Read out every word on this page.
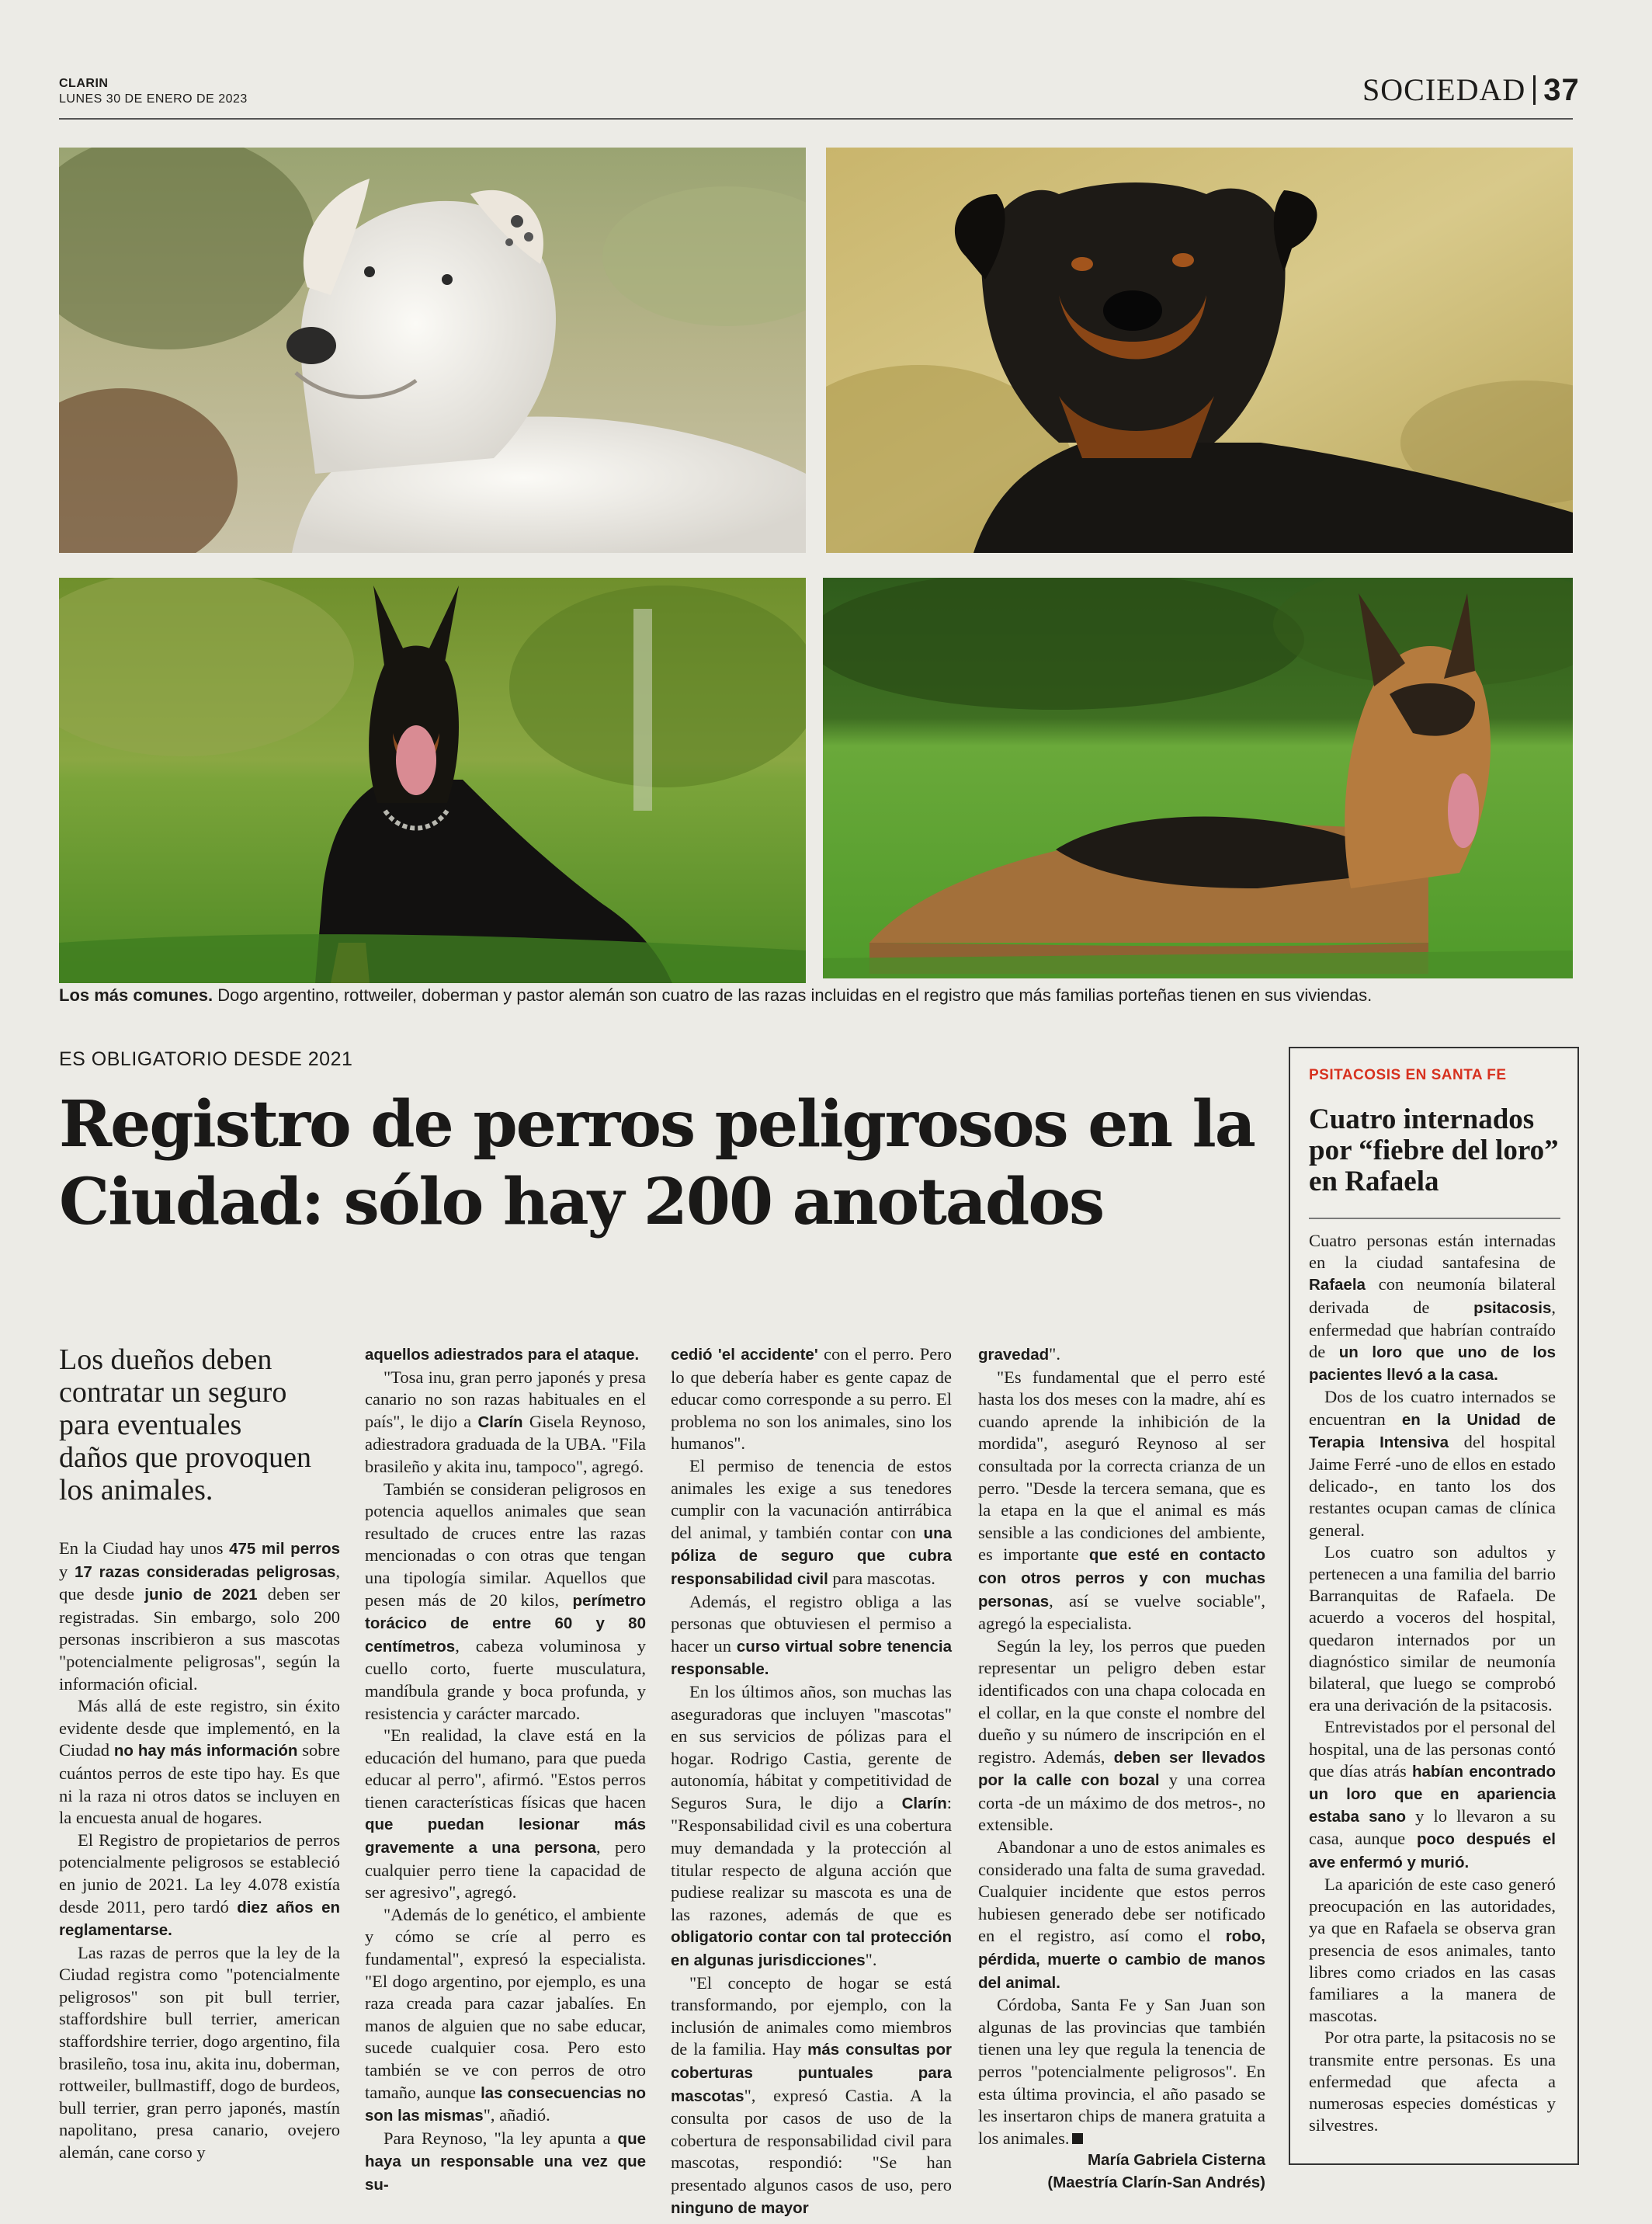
CLARIN
LUNES 30 DE ENERO DE 2023	SOCIEDAD 37
Los más comunes. Dogo argentino, rottweiler, doberman y pastor alemán son cuatro de las razas incluidas en el registro que más familias porteñas tienen en sus viviendas.
ES OBLIGATORIO DESDE 2021
Registro de perros peligrosos en la Ciudad: sólo hay 200 anotados
Los dueños deben contratar un seguro para eventuales daños que provoquen los animales.

En la Ciudad hay unos 475 mil perros y 17 razas consideradas peligrosas, que desde junio de 2021 deben ser registradas. Sin embargo, solo 200 personas inscribieron a sus mascotas "potencialmente peligrosas", según la información oficial.

Más allá de este registro, sin éxito evidente desde que implementó, en la Ciudad no hay más información sobre cuántos perros de este tipo hay. Es que ni la raza ni otros datos se incluyen en la encuesta anual de hogares.

El Registro de propietarios de perros potencialmente peligrosos se estableció en junio de 2021. La ley 4.078 existía desde 2011, pero tardó diez años en reglamentarse.

Las razas de perros que la ley de la Ciudad registra como "potencialmente peligrosos" son pit bull terrier, staffordshire bull terrier, american staffordshire terrier, dogo argentino, fila brasileño, tosa inu, akita inu, doberman, rottweiler, bullmastiff, dogo de burdeos, bull terrier, gran perro japonés, mastín napolitano, presa canario, ovejero alemán, cane corso y

aquellos adiestrados para el ataque.

"Tosa inu, gran perro japonés y presa canario no son razas habituales en el país", le dijo a Clarín Gisela Reynoso, adiestradora graduada de la UBA. "Fila brasileño y akita inu, tampoco", agregó.

También se consideran peligrosos en potencia aquellos animales que sean resultado de cruces entre las razas mencionadas o con otras que tengan una tipología similar. Aquellos que pesen más de 20 kilos, perímetro torácico de entre 60 y 80 centímetros, cabeza voluminosa y cuello corto, fuerte musculatura, mandíbula grande y boca profunda, y resistencia y carácter marcado.

"En realidad, la clave está en la educación del humano, para que pueda educar al perro", afirmó. "Estos perros tienen características físicas que hacen que puedan lesionar más gravemente a una persona, pero cualquier perro tiene la capacidad de ser agresivo", agregó.

"Además de lo genético, el ambiente y cómo se críe al perro es fundamental", expresó la especialista. "El dogo argentino, por ejemplo, es una raza creada para cazar jabalíes. En manos de alguien que no sabe educar, sucede cualquier cosa. Pero esto también se ve con perros de otro tamaño, aunque las consecuencias no son las mismas", añadió.

Para Reynoso, "la ley apunta a que haya un responsable una vez que su-

cedió 'el accidente' con el perro. Pero lo que debería haber es gente capaz de educar como corresponde a su perro. El problema no son los animales, sino los humanos".

El permiso de tenencia de estos animales les exige a sus tenedores cumplir con la vacunación antirrábica del animal, y también contar con una póliza de seguro que cubra responsabilidad civil para mascotas.

Además, el registro obliga a las personas que obtuviesen el permiso a hacer un curso virtual sobre tenencia responsable.

En los últimos años, son muchas las aseguradoras que incluyen "mascotas" en sus servicios de pólizas para el hogar. Rodrigo Castia, gerente de autonomía, hábitat y competitividad de Seguros Sura, le dijo a Clarín: "Responsabilidad civil es una cobertura muy demandada y la protección al titular respecto de alguna acción que pudiese realizar su mascota es una de las razones, además de que es obligatorio contar con tal protección en algunas jurisdicciones".

"El concepto de hogar se está transformando, por ejemplo, con la inclusión de animales como miembros de la familia. Hay más consultas por coberturas puntuales para mascotas", expresó Castia. A la consulta por casos de uso de la cobertura de responsabilidad civil para mascotas, respondió: "Se han presentado algunos casos de uso, pero ninguno de mayor

gravedad".

"Es fundamental que el perro esté hasta los dos meses con la madre, ahí es cuando aprende la inhibición de la mordida", aseguró Reynoso al ser consultada por la correcta crianza de un perro. "Desde la tercera semana, que es la etapa en la que el animal es más sensible a las condiciones del ambiente, es importante que esté en contacto con otros perros y con muchas personas, así se vuelve sociable", agregó la especialista.

Según la ley, los perros que pueden representar un peligro deben estar identificados con una chapa colocada en el collar, en la que conste el nombre del dueño y su número de inscripción en el registro. Además, deben ser llevados por la calle con bozal y una correa corta -de un máximo de dos metros-, no extensible.

Abandonar a uno de estos animales es considerado una falta de suma gravedad. Cualquier incidente que estos perros hubiesen generado debe ser notificado en el registro, así como el robo, pérdida, muerte o cambio de manos del animal.

Córdoba, Santa Fe y San Juan son algunas de las provincias que también tienen una ley que regula la tenencia de perros "potencialmente peligrosos". En esta última provincia, el año pasado se les insertaron chips de manera gratuita a los animales.

María Gabriela Cisterna

(Maestría Clarín-San Andrés)

PSITACOSIS EN SANTA FE
Cuatro internados por “fiebre del loro” en Rafaela

Cuatro personas están internadas en la ciudad santafesina de Rafaela con neumonía bilateral derivada de psitacosis, enfermedad que habrían contraído de un loro que uno de los pacientes llevó a la casa.

Dos de los cuatro internados se encuentran en la Unidad de Terapia Intensiva del hospital Jaime Ferré -uno de ellos en estado delicado-, en tanto los dos restantes ocupan camas de clínica general.

Los cuatro son adultos y pertenecen a una familia del barrio Barranquitas de Rafaela. De acuerdo a voceros del hospital, quedaron internados por un diagnóstico similar de neumonía bilateral, que luego se comprobó era una derivación de la psitacosis.

Entrevistados por el personal del hospital, una de las personas contó que días atrás habían encontrado un loro que en apariencia estaba sano y lo llevaron a su casa, aunque poco después el ave enfermó y murió.

La aparición de este caso generó preocupación en las autoridades, ya que en Rafaela se observa gran presencia de esos animales, tanto libres como criados en las casas familiares a la manera de mascotas.

Por otra parte, la psitacosis no se transmite entre personas. Es una enfermedad que afecta a numerosas especies domésticas y silvestres.
